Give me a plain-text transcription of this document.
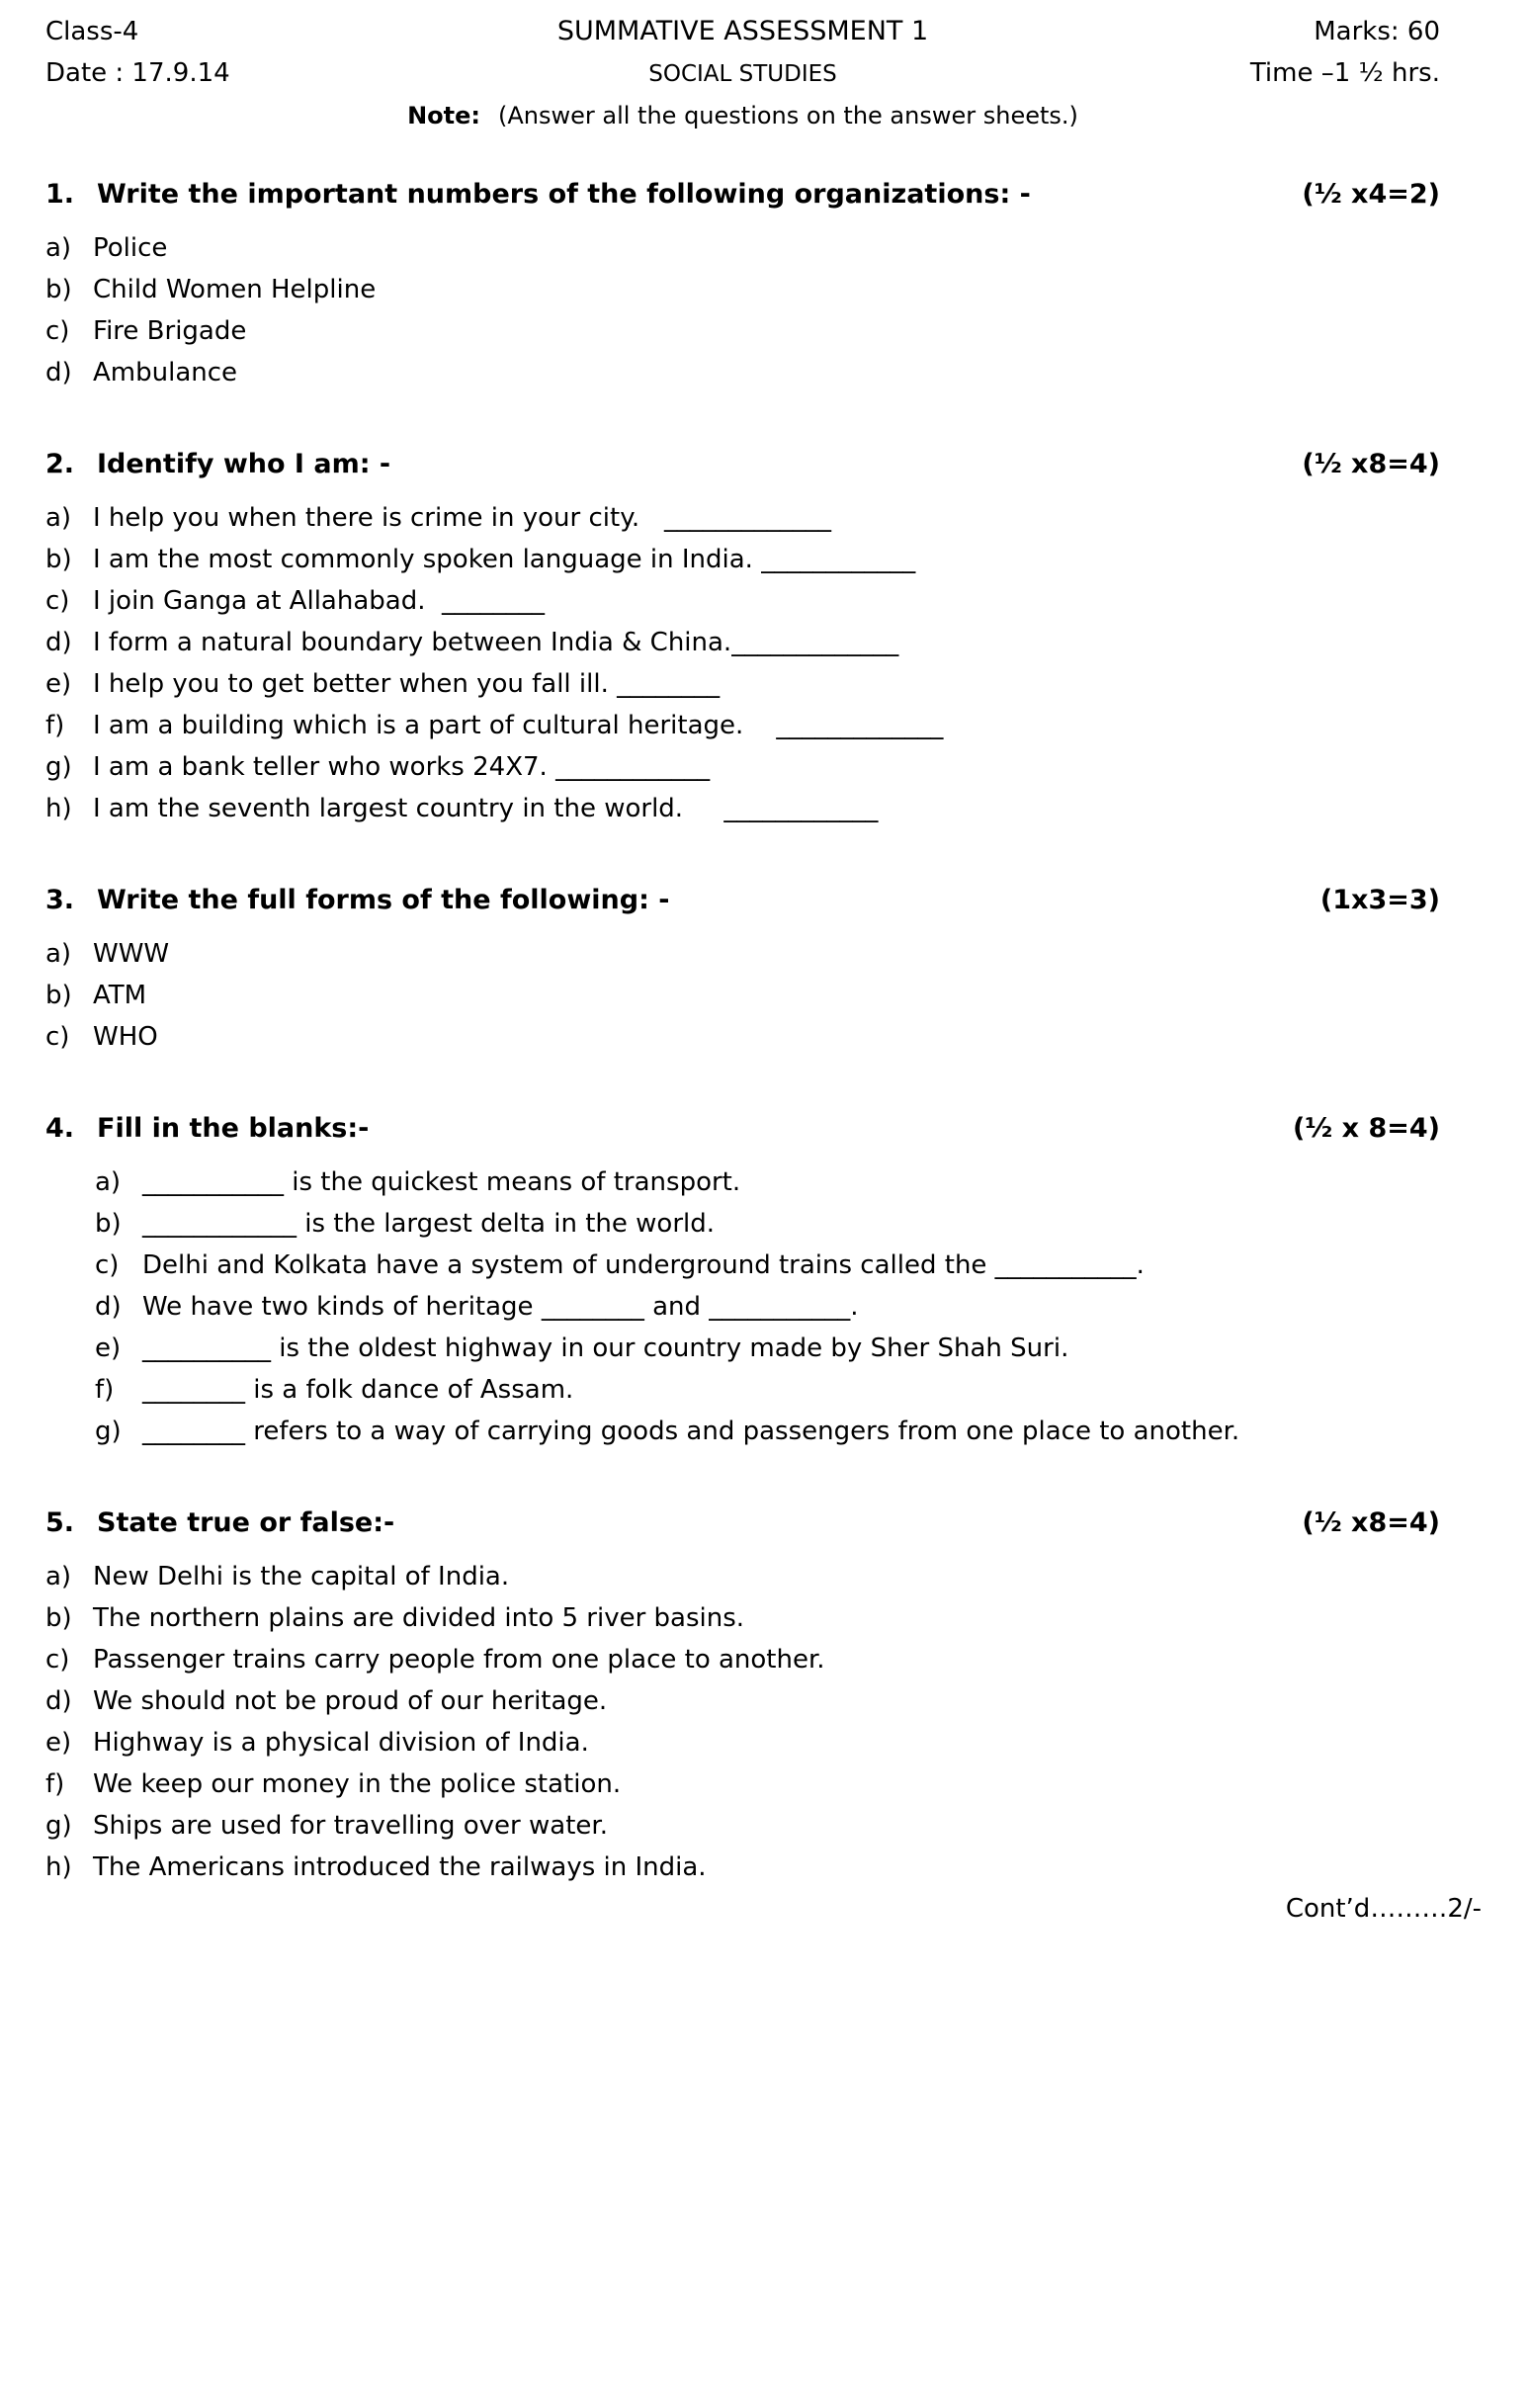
Class-4	SUMMATIVE ASSESSMENT 1	Marks: 60
Date : 17.9.14	SOCIAL STUDIES	Time –1 ½ hrs.
Note: (Answer all the questions on the answer sheets.)
1. Write the important numbers of the following organizations: -	(½ x4=2)
a) Police
b) Child Women Helpline
c) Fire Brigade
d) Ambulance
2. Identify who I am: -	(½ x8=4)
a) I help you when there is crime in your city.   _____________
b) I am the most commonly spoken language in India. ____________
c) I join Ganga at Allahabad.  ________
d) I form a natural boundary between India & China._____________
e) I help you to get better when you fall ill. ________
f)	I am a building which is a part of cultural heritage.    _____________
g) I am a bank teller who works 24X7. ____________
h) I am the seventh largest country in the world.     ____________
3. Write the full forms of the following: -	(1x3=3)
a) WWW
b) ATM
c) WHO
4. Fill in the blanks:-	(½ x 8=4)
a) ___________ is the quickest means of transport.
b) ____________ is the largest delta in the world.
c) Delhi and Kolkata have a system of underground trains called the ___________.
d) We have two kinds of heritage ________ and ___________.
e) __________ is the oldest highway in our country made by Sher Shah Suri.
f)	________ is a folk dance of Assam.
g) ________ refers to a way of carrying goods and passengers from one place to another.
5. State true or false:-	(½ x8=4)
a) New Delhi is the capital of India.
b) The northern plains are divided into 5 river basins.
c) Passenger trains carry people from one place to another.
d) We should not be proud of our heritage.
e) Highway is a physical division of India.
f)	We keep our money in the police station.
g) Ships are used for travelling over water.
h) The Americans introduced the railways in India.
Cont’d………2/-
